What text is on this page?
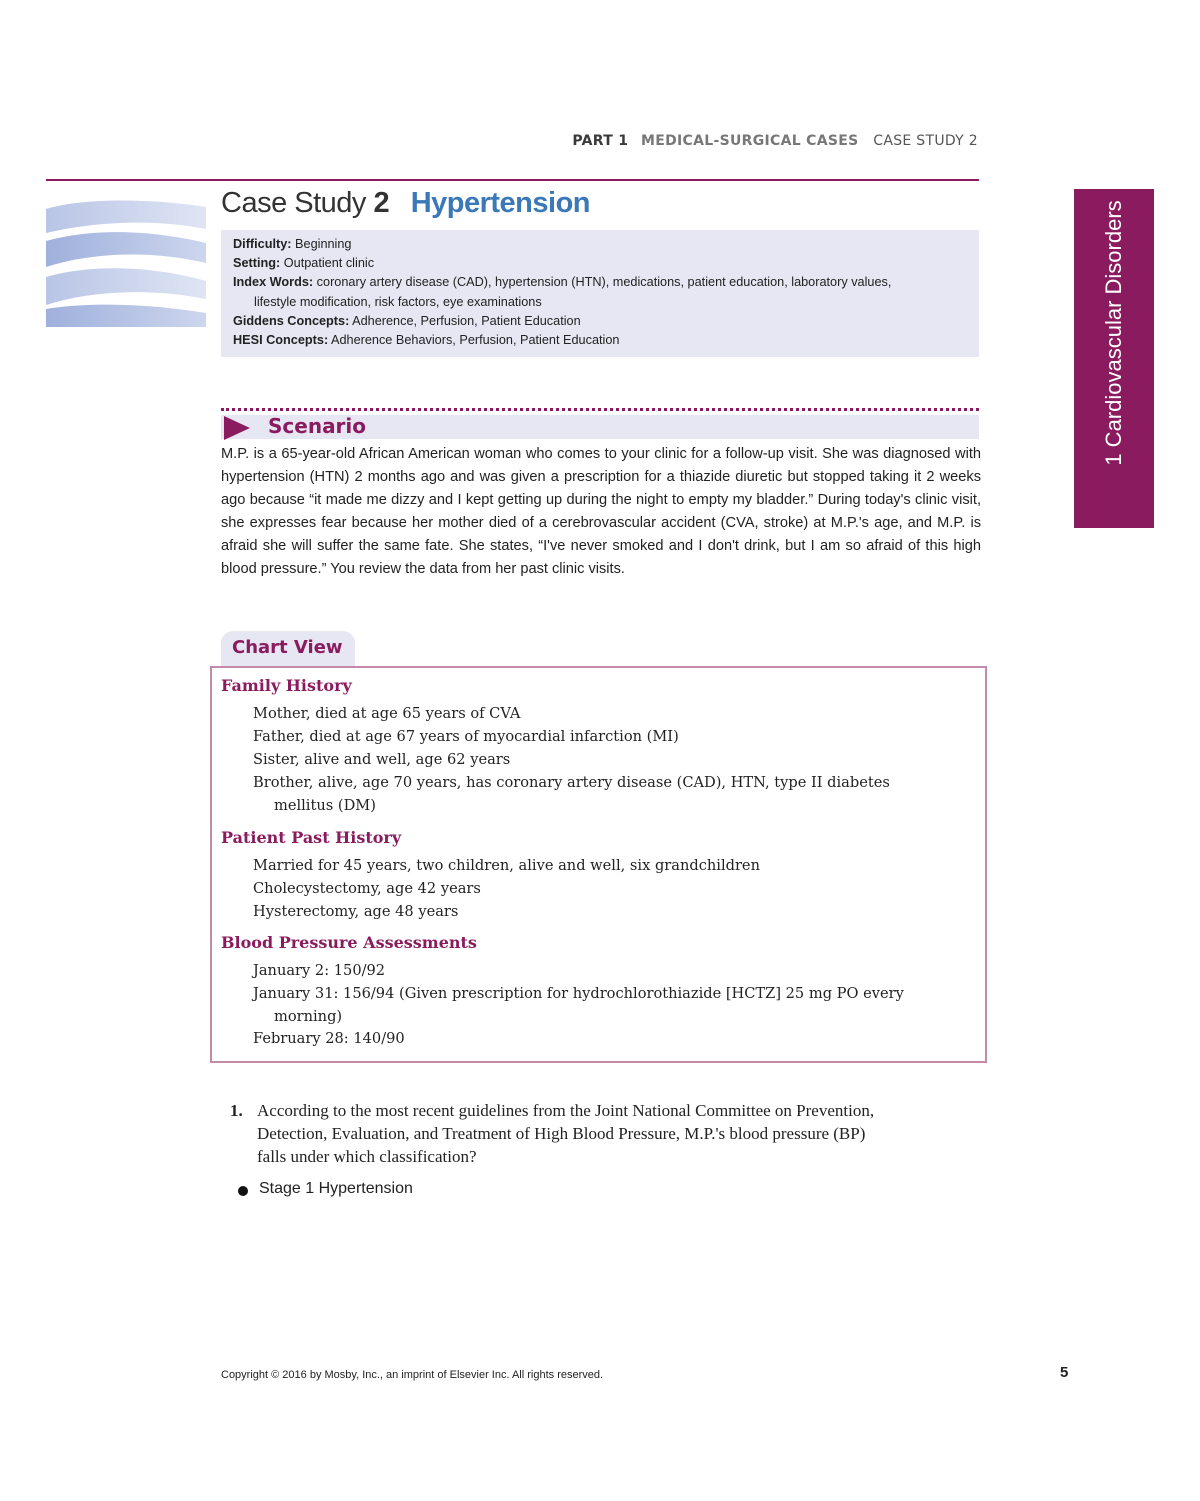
PART 1 MEDICAL-SURGICAL CASES CASE STUDY 2
Case Study 2 Hypertension
Difficulty: Beginning
Setting: Outpatient clinic
Index Words: coronary artery disease (CAD), hypertension (HTN), medications, patient education, laboratory values,
lifestyle modification, risk factors, eye examinations
Giddens Concepts: Adherence, Perfusion, Patient Education
HESI Concepts: Adherence Behaviors, Perfusion, Patient Education
Scenario
M.P. is a 65-year-old African American woman who comes to your clinic for a follow-up visit. She was diagnosed with hypertension (HTN) 2 months ago and was given a prescription for a thiazide diuretic but stopped taking it 2 weeks ago because “it made me dizzy and I kept getting up during the night to empty my bladder.” During today's clinic visit, she expresses fear because her mother died of a cerebrovascular accident (CVA, stroke) at M.P.'s age, and M.P. is afraid she will suffer the same fate. She states, “I've never smoked and I don't drink, but I am so afraid of this high blood pressure.” You review the data from her past clinic visits.
Chart View
Family History
Mother, died at age 65 years of CVA
Father, died at age 67 years of myocardial infarction (MI)
Sister, alive and well, age 62 years
Brother, alive, age 70 years, has coronary artery disease (CAD), HTN, type II diabetes
mellitus (DM)
Patient Past History
Married for 45 years, two children, alive and well, six grandchildren
Cholecystectomy, age 42 years
Hysterectomy, age 48 years
Blood Pressure Assessments
January 2: 150/92
January 31: 156/94 (Given prescription for hydrochlorothiazide [HCTZ] 25 mg PO every
morning)
February 28: 140/90
1. According to the most recent guidelines from the Joint National Committee on Prevention,
Detection, Evaluation, and Treatment of High Blood Pressure, M.P.'s blood pressure (BP)
falls under which classification?
Stage 1 Hypertension
1 Cardiovascular Disorders
Copyright © 2016 by Mosby, Inc., an imprint of Elsevier Inc. All rights reserved.	5
